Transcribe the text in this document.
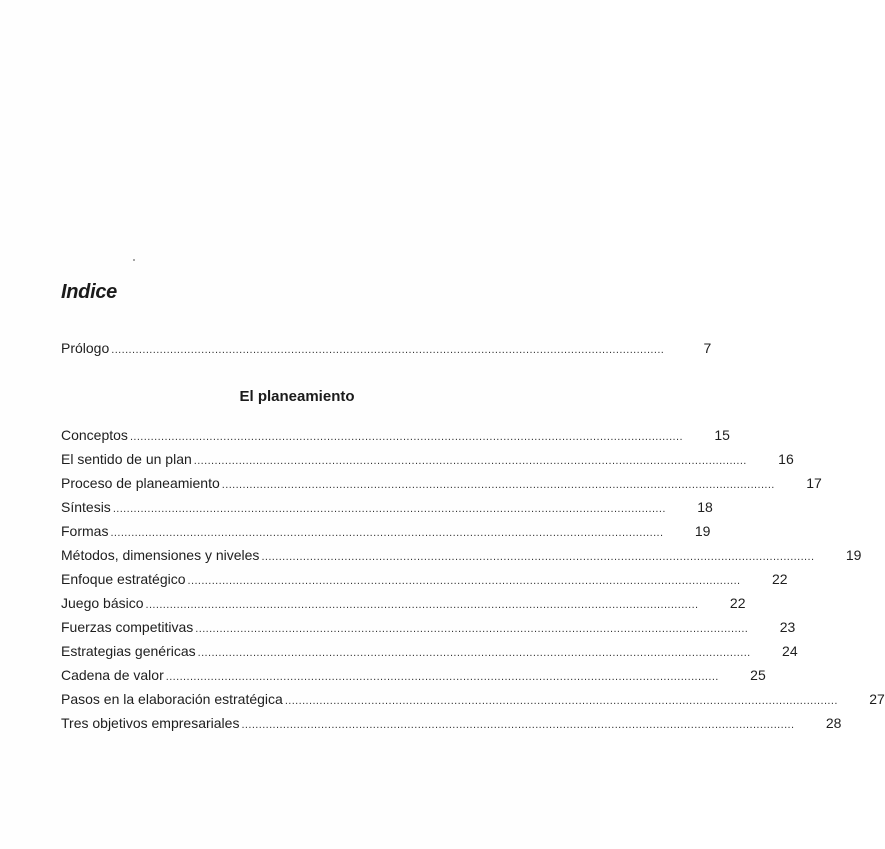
Indice
Prólogo ................................................................................................................................................................	7
El planeamiento
Conceptos ................................................................................................................................................................	15
El sentido de un plan ................................................................................................................................................................	16
Proceso de planeamiento ................................................................................................................................................................	17
Síntesis ................................................................................................................................................................	18
Formas ................................................................................................................................................................	19
Métodos, dimensiones y niveles ................................................................................................................................................................	19
Enfoque estratégico ................................................................................................................................................................	22
Juego básico ................................................................................................................................................................	22
Fuerzas competitivas ................................................................................................................................................................	23
Estrategias genéricas ................................................................................................................................................................	24
Cadena de valor ................................................................................................................................................................	25
Pasos en la elaboración estratégica ................................................................................................................................................................	27
Tres objetivos empresariales ................................................................................................................................................................	28
